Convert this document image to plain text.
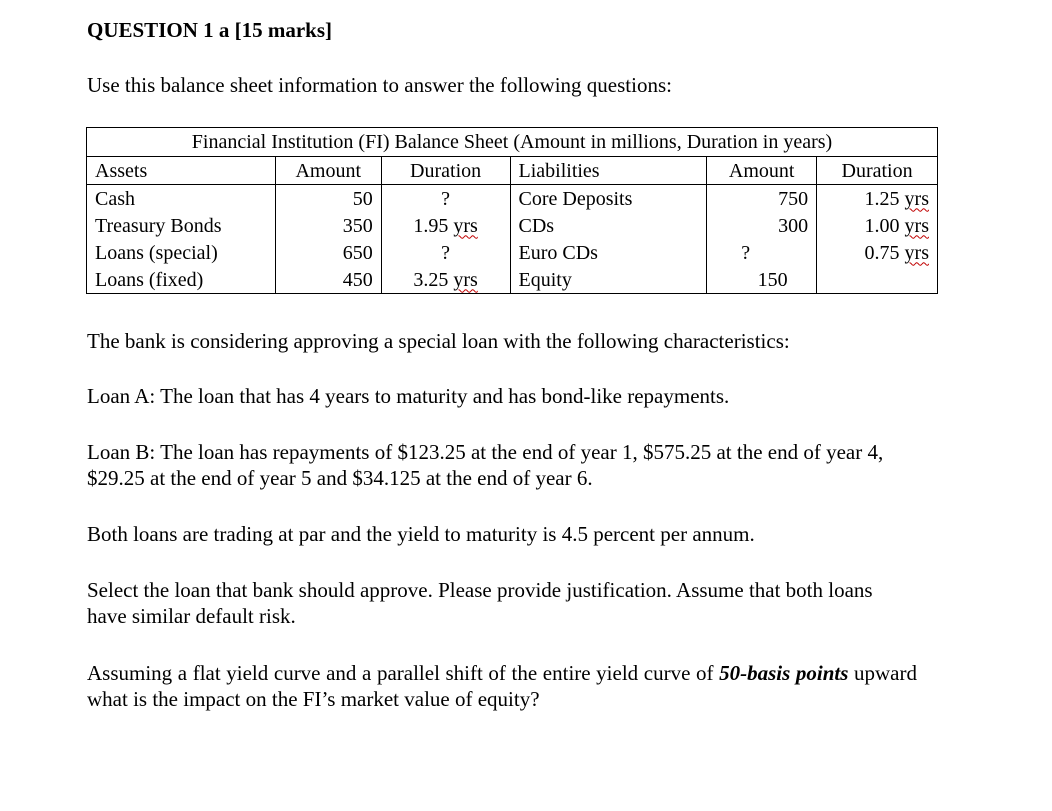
QUESTION 1 a [15 marks]
Use this balance sheet information to answer the following questions:
Financial Institution (FI) Balance Sheet (Amount in millions, Duration in years)					
Assets	Amount	Duration	Liabilities	Amount	Duration
Cash	50	?	Core Deposits	750	1.25 yrs
Treasury Bonds	350	1.95 yrs	CDs	300	1.00 yrs
Loans (special)	650	?	Euro CDs	?	0.75 yrs
Loans (fixed)	450	3.25 yrs	Equity	150	
The bank is considering approving a special loan with the following characteristics:
Loan A: The loan that has 4 years to maturity and has bond-like repayments.
Loan B: The loan has repayments of $123.25 at the end of year 1, $575.25 at the end of year 4, $29.25 at the end of year 5 and $34.125 at the end of year 6.
Both loans are trading at par and the yield to maturity is 4.5 percent per annum.
Select the loan that bank should approve. Please provide justification. Assume that both loans have similar default risk.
Assuming a flat yield curve and a parallel shift of the entire yield curve of 50-basis points upward what is the impact on the FI’s market value of equity?
